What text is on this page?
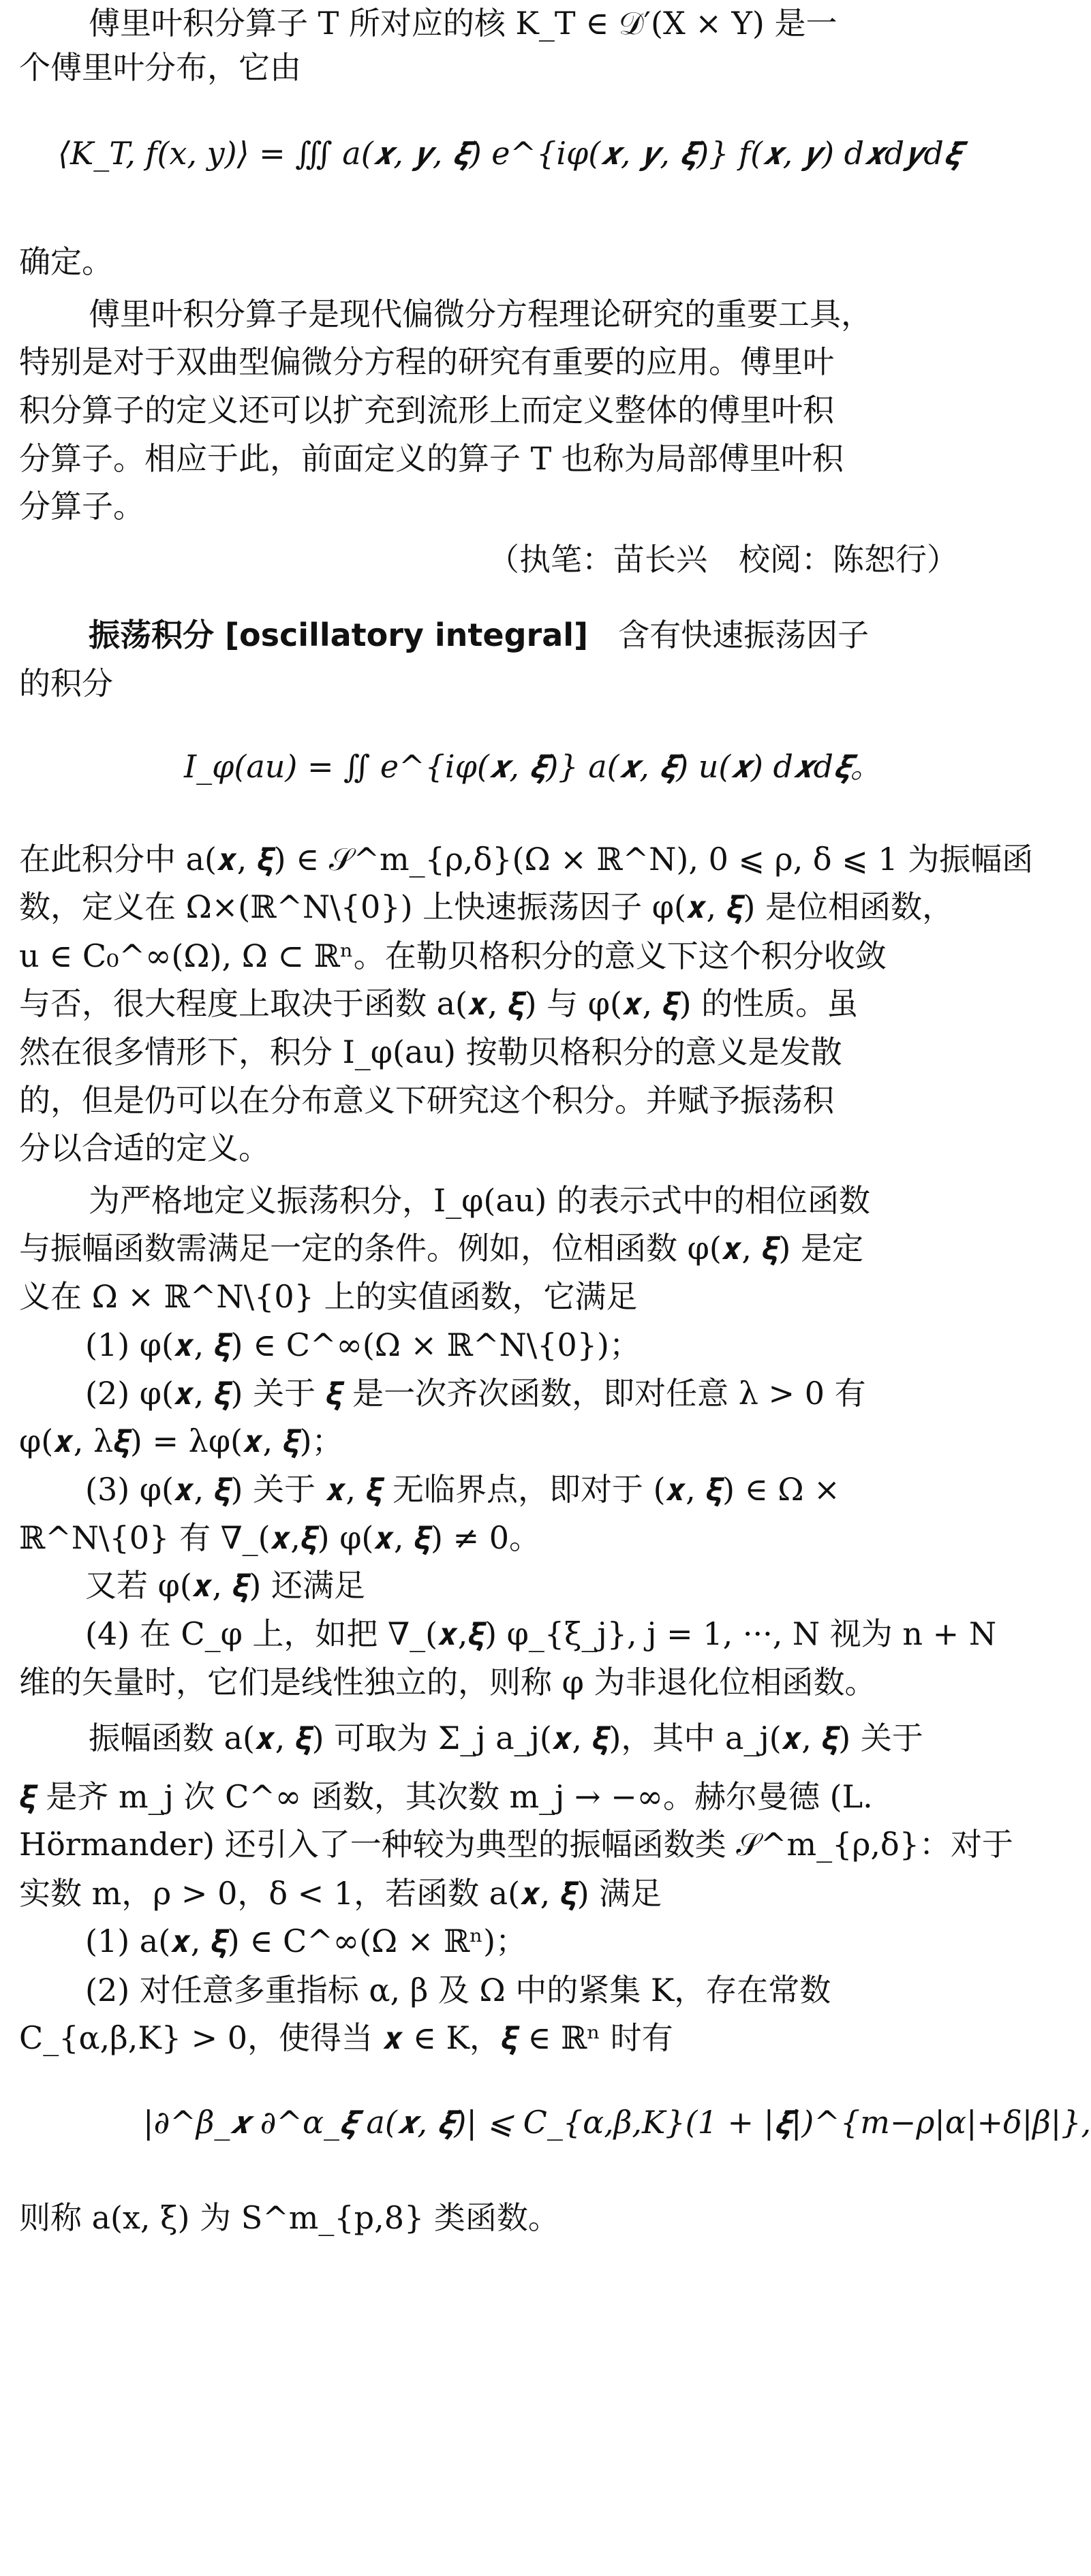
傅里叶积分算子 T 所对应的核 K_T ∈ 𝒟′(X × Y) 是一
个傅里叶分布，它由
⟨K_T, f(x, y)⟩ = ∭ a(𝒙, 𝒚, 𝝃) e^{iφ(𝒙, 𝒚, 𝝃)} f(𝒙, 𝒚) d𝒙d𝒚d𝝃
确定。
傅里叶积分算子是现代偏微分方程理论研究的重要工具，
特别是对于双曲型偏微分方程的研究有重要的应用。傅里叶
积分算子的定义还可以扩充到流形上而定义整体的傅里叶积
分算子。相应于此，前面定义的算子 T 也称为局部傅里叶积
分算子。
（执笔：苗长兴　校阅：陈恕行）
振荡积分 [oscillatory integral] 含有快速振荡因子
的积分
I_φ(au) = ∬ e^{iφ(𝒙, 𝝃)} a(𝒙, 𝝃) u(𝒙) d𝒙d𝝃。
在此积分中 a(𝒙, 𝝃) ∈ 𝒮^m_{ρ,δ}(Ω × ℝ^N), 0 ⩽ ρ, δ ⩽ 1 为振幅函
数，定义在 Ω×(ℝ^N\{0}) 上快速振荡因子 φ(𝒙, 𝝃) 是位相函数，
u ∈ C₀^∞(Ω), Ω ⊂ ℝⁿ。在勒贝格积分的意义下这个积分收敛
与否，很大程度上取决于函数 a(𝒙, 𝝃) 与 φ(𝒙, 𝝃) 的性质。虽
然在很多情形下，积分 I_φ(au) 按勒贝格积分的意义是发散
的，但是仍可以在分布意义下研究这个积分。并赋予振荡积
分以合适的定义。
为严格地定义振荡积分，I_φ(au) 的表示式中的相位函数
与振幅函数需满足一定的条件。例如，位相函数 φ(𝒙, 𝝃) 是定
义在 Ω × ℝ^N\{0} 上的实值函数，它满足
(1) φ(𝒙, 𝝃) ∈ C^∞(Ω × ℝ^N\{0})；
(2) φ(𝒙, 𝝃) 关于 𝝃 是一次齐次函数，即对任意 λ > 0 有
φ(𝒙, λ𝝃) = λφ(𝒙, 𝝃)；
(3) φ(𝒙, 𝝃) 关于 𝒙, 𝝃 无临界点，即对于 (𝒙, 𝝃) ∈ Ω ×
ℝ^N\{0} 有 ∇_(𝒙,𝝃) φ(𝒙, 𝝃) ≠ 0。
又若 φ(𝒙, 𝝃) 还满足
(4) 在 C_φ 上，如把 ∇_(𝒙,𝝃) φ_{ξ_j}, j = 1, ···, N 视为 n + N
维的矢量时，它们是线性独立的，则称 φ 为非退化位相函数。
振幅函数 a(𝒙, 𝝃) 可取为 Σ_j a_j(𝒙, 𝝃)，其中 a_j(𝒙, 𝝃) 关于
𝝃 是齐 m_j 次 C^∞ 函数，其次数 m_j → −∞。赫尔曼德 (L.
Hörmander) 还引入了一种较为典型的振幅函数类 𝒮^m_{ρ,δ}：对于
实数 m，ρ > 0，δ < 1，若函数 a(𝒙, 𝝃) 满足
(1) a(𝒙, 𝝃) ∈ C^∞(Ω × ℝⁿ)；
(2) 对任意多重指标 α, β 及 Ω 中的紧集 K，存在常数
C_{α,β,K} > 0，使得当 𝒙 ∈ K，𝝃 ∈ ℝⁿ 时有
|∂^β_𝒙 ∂^α_𝝃 a(𝒙, 𝝃)| ⩽ C_{α,β,K}(1 + |𝝃|)^{m−ρ|α|+δ|β|},
则称 a(x, ξ) 为 S^m_{p,8} 类函数。
